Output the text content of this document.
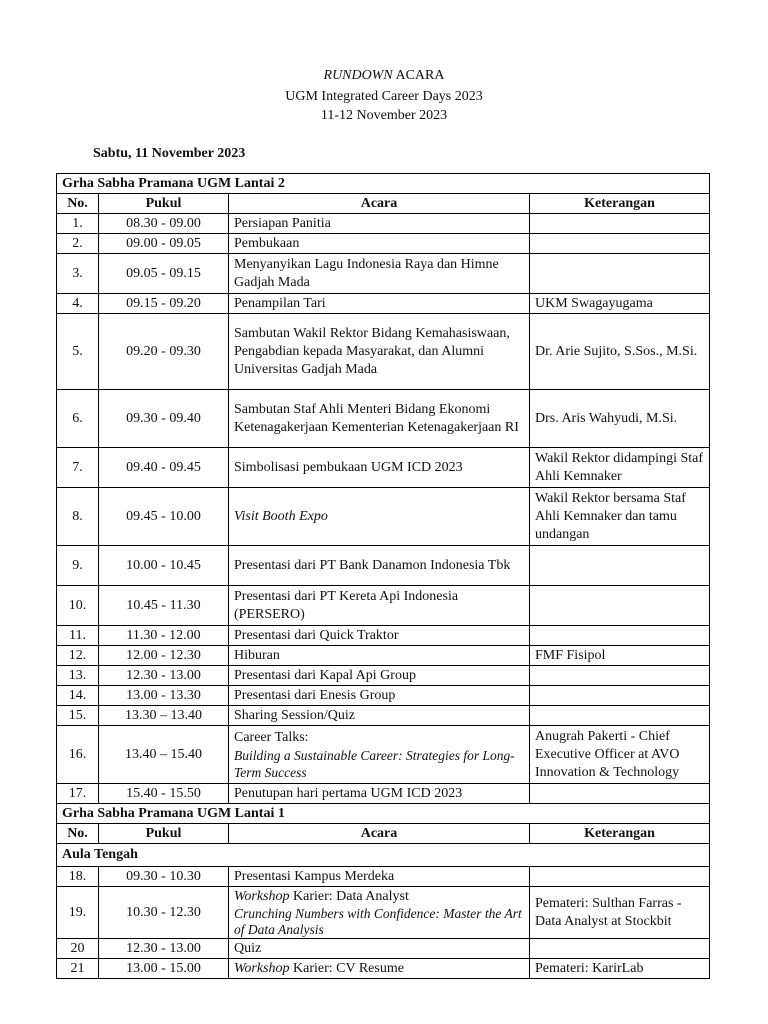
RUNDOWN ACARA
UGM Integrated Career Days 2023
11-12 November 2023
Sabtu, 11 November 2023
Grha Sabha Pramana UGM Lantai 2			
No.	Pukul	Acara	Keterangan
1.	08.30 - 09.00	Persiapan Panitia	
2.	09.00 - 09.05	Pembukaan	
3.	09.05 - 09.15	Menyanyikan Lagu Indonesia Raya dan Himne Gadjah Mada	
4.	09.15 - 09.20	Penampilan Tari	UKM Swagayugama
5.	09.20 - 09.30	Sambutan Wakil Rektor Bidang Kemahasiswaan, Pengabdian kepada Masyarakat, dan Alumni Universitas Gadjah Mada	Dr. Arie Sujito, S.Sos., M.Si.
6.	09.30 - 09.40	Sambutan Staf Ahli Menteri Bidang Ekonomi Ketenagakerjaan Kementerian Ketenagakerjaan RI	Drs. Aris Wahyudi, M.Si.
7.	09.40 - 09.45	Simbolisasi pembukaan UGM ICD 2023	Wakil Rektor didampingi Staf Ahli Kemnaker
8.	09.45 - 10.00	Visit Booth Expo	Wakil Rektor bersama Staf Ahli Kemnaker dan tamu undangan
9.	10.00 - 10.45	Presentasi dari PT Bank Danamon Indonesia Tbk	
10.	10.45 - 11.30	Presentasi dari PT Kereta Api Indonesia (PERSERO)	
11.	11.30 - 12.00	Presentasi dari Quick Traktor	
12.	12.00 - 12.30	Hiburan	FMF Fisipol
13.	12.30 - 13.00	Presentasi dari Kapal Api Group	
14.	13.00 - 13.30	Presentasi dari Enesis Group	
15.	13.30 – 13.40	Sharing Session/Quiz	
16.	13.40 – 15.40	Career Talks:
Building a Sustainable Career: Strategies for Long-Term Success	Anugrah Pakerti - Chief Executive Officer at AVO Innovation & Technology
17.	15.40 - 15.50	Penutupan hari pertama UGM ICD 2023	
Grha Sabha Pramana UGM Lantai 1			
No.	Pukul	Acara	Keterangan
Aula Tengah			
18.	09.30 - 10.30	Presentasi Kampus Merdeka	
19.	10.30 - 12.30	Workshop Karier: Data Analyst
Crunching Numbers with Confidence: Master the Art of Data Analysis	Pemateri: Sulthan Farras - Data Analyst at Stockbit
20	12.30 - 13.00	Quiz	
21	13.00 - 15.00	Workshop Karier: CV Resume	Pemateri: KarirLab
